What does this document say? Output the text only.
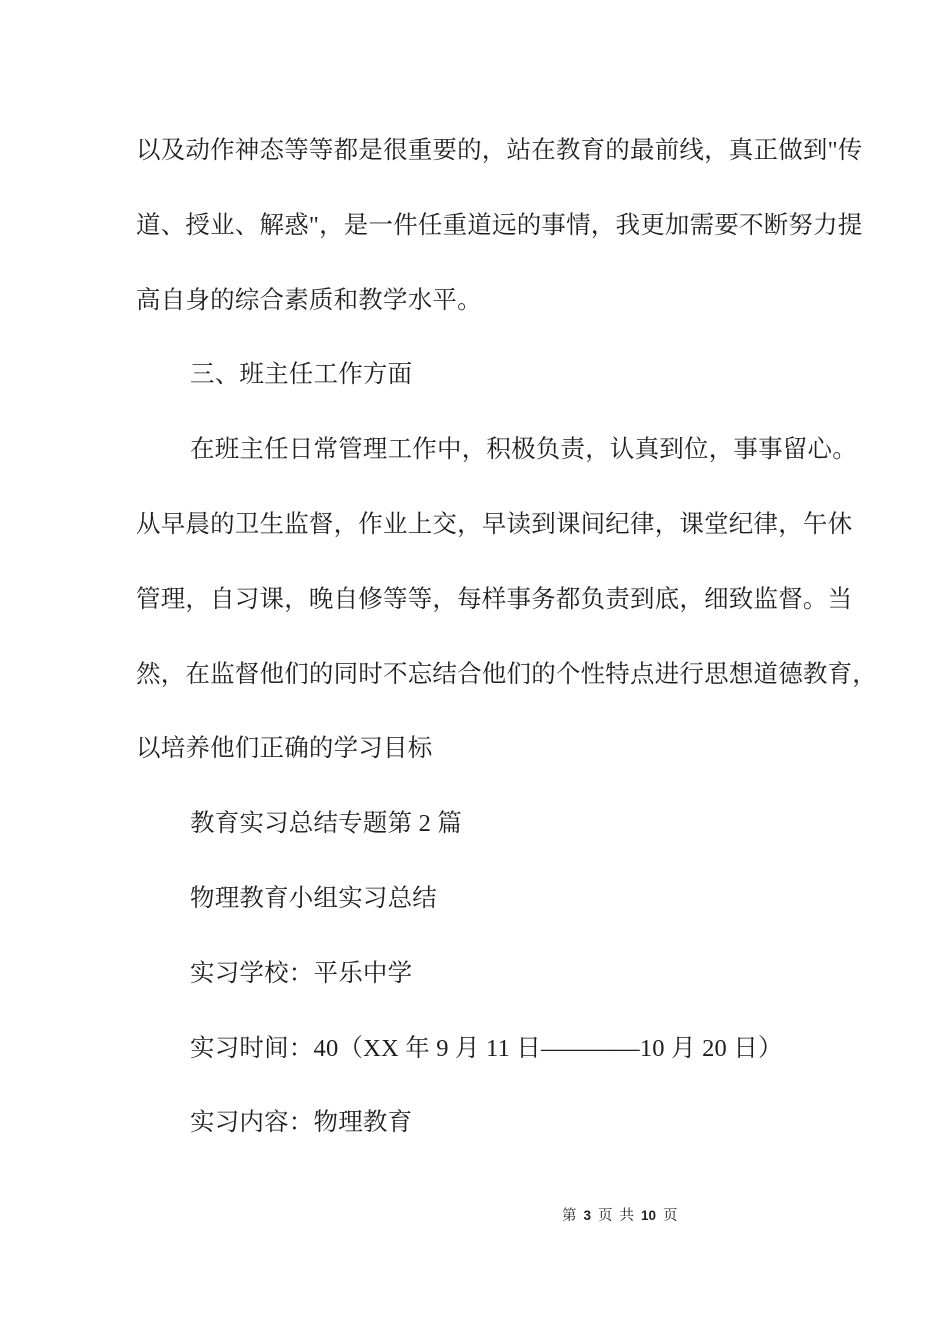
以及动作神态等等都是很重要的，站在教育的最前线，真正做到"传

道、授业、解惑"，是一件任重道远的事情，我更加需要不断努力提

高自身的综合素质和教学水平。

三、班主任工作方面

在班主任日常管理工作中，积极负责，认真到位，事事留心。

从早晨的卫生监督，作业上交，早读到课间纪律，课堂纪律，午休

管理，自习课，晚自修等等，每样事务都负责到底，细致监督。当

然，在监督他们的同时不忘结合他们的个性特点进行思想道德教育，

以培养他们正确的学习目标

教育实习总结专题第 2 篇

物理教育小组实习总结

实习学校：平乐中学

实习时间：40（XX 年 9 月 11 日————10 月 20 日）

实习内容：物理教育

第 3 页 共 10 页
